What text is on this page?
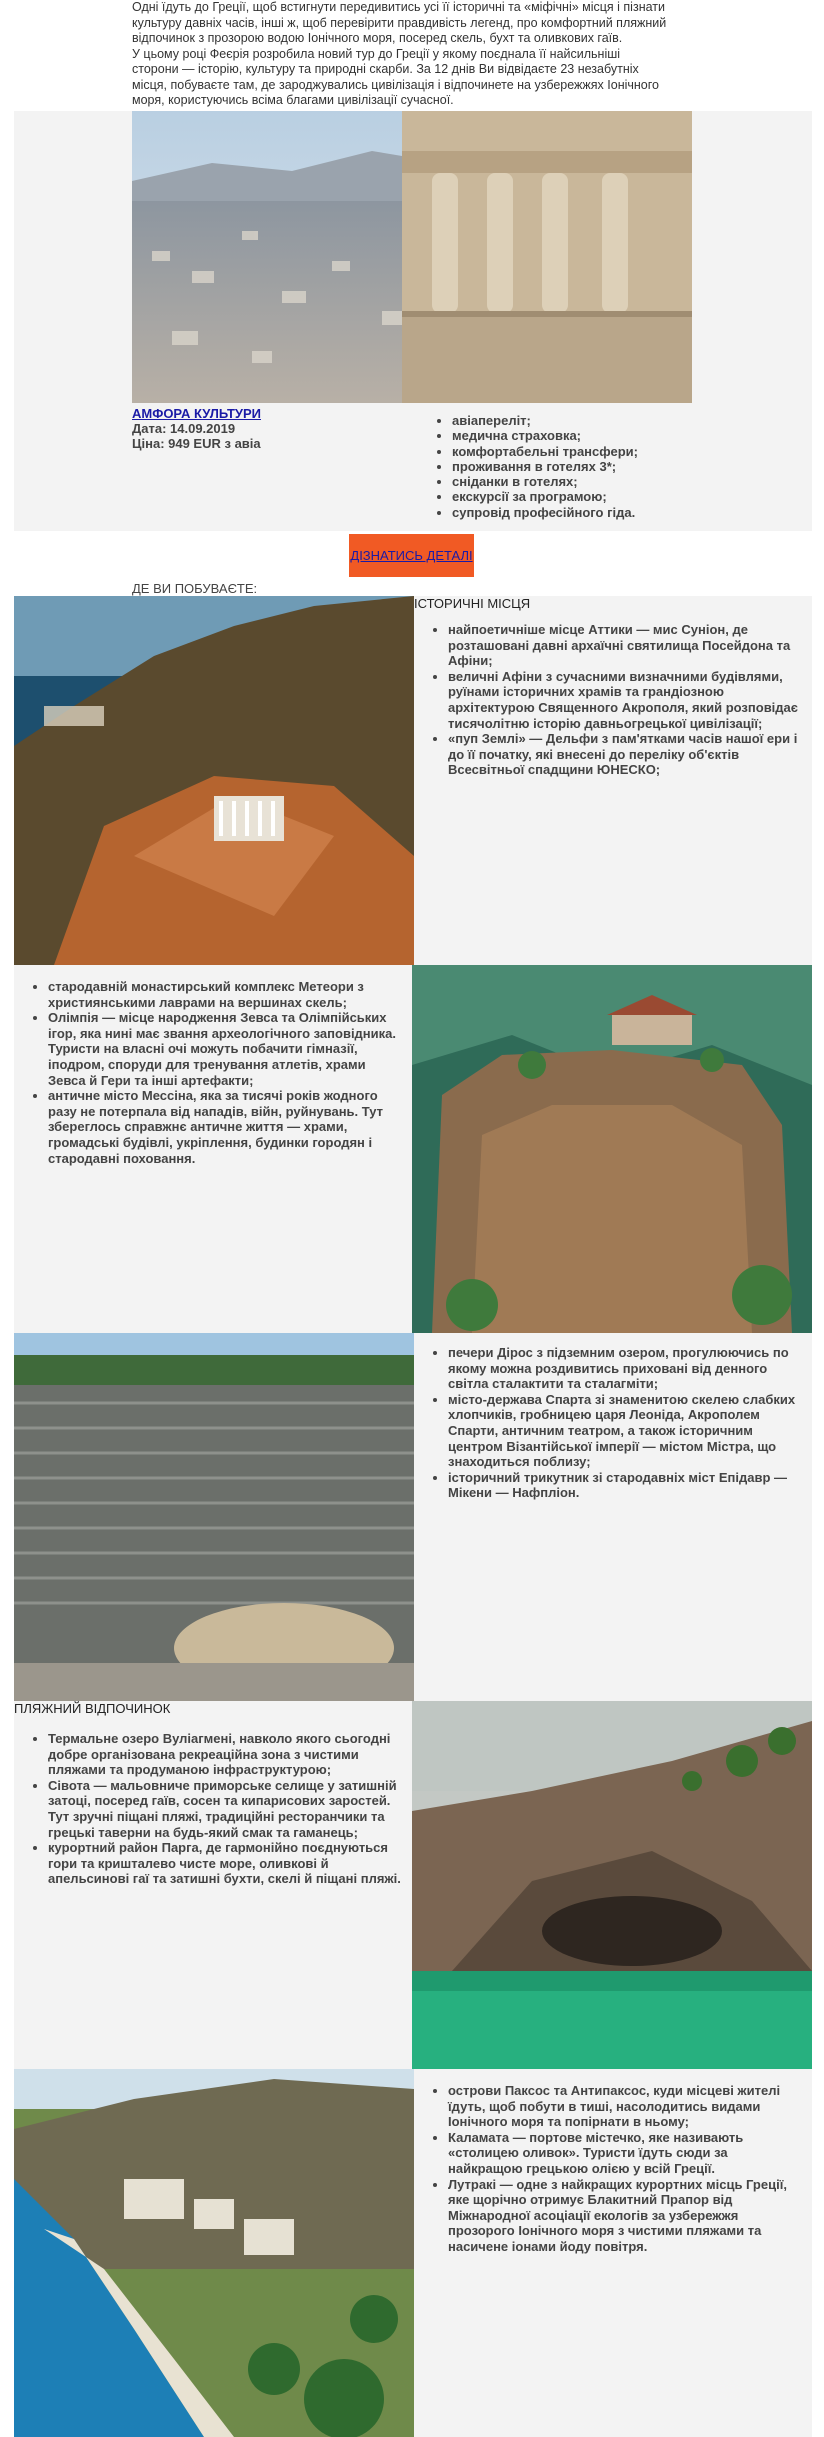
Одні їдуть до Греції, щоб встигнути передивитись усі її історичні та «міфічні» місця і пізнати

культуру давніх часів, інші ж, щоб перевірити правдивість легенд, про комфортний пляжний

відпочинок з прозорою водою Іонічного моря, посеред скель, бухт та оливкових гаїв.

У цьому році Феєрія розробила новий тур до Греції у якому поєднала її найсильніші

сторони — історію, культуру та природні скарби. За 12 днів Ви відвідаєте 23 незабутніх

місця, побуваєте там, де зароджувались цивілізація і відпочинете на узбережжях Іонічного

моря, користуючись всіма благами цивілізації сучасної.

АМФОРА КУЛЬТУРИ
Дата: 14.09.2019
Ціна: 949 EUR з авіа
• авіапереліт;
• медична страховка;
• комфортабельні трансфери;
• проживання в готелях 3*;
• сніданки в готелях;
• екскурсії за програмою;
• супровід професійного гіда.
ДІЗНАТИСЬ ДЕТАЛІ
ДЕ ВИ ПОБУВАЄТЕ:
ІСТОРИЧНІ МІСЦЯ
• найпоетичніше місце Аттики — мис Суніон, де розташовані давні архаїчні святилища Посейдона та Афіни;
• величні Афіни з сучасними визначними будівлями, руїнами історичних храмів та грандіозною архітектурою Священного Акрополя, який розповідає тисячолітню історію давньогрецької цивілізації;
• «пуп Землі» — Дельфи з пам'ятками часів нашої ери і до її початку, які внесені до переліку об'єктів Всесвітньої спадщини ЮНЕСКО;
• стародавній монастирський комплекс Метеори з християнськими лаврами на вершинах скель;
• Олімпія — місце народження Зевса та Олімпійських ігор, яка нині має звання археологічного заповідника. Туристи на власні очі можуть побачити гімназії, іподром, споруди для тренування атлетів, храми Зевса й Гери та інші артефакти;
• античне місто Мессіна, яка за тисячі років жодного разу не потерпала від нападів, війн, руйнувань. Тут збереглось справжнє античне життя — храми, громадські будівлі, укріплення, будинки городян і стародавні поховання.
• печери Дірос з підземним озером, прогулюючись по якому можна роздивитись приховані від денного світла сталактити та сталагміти;
• місто-держава Спарта зі знаменитою скелею слабких хлопчиків, гробницею царя Леоніда, Акрополем Спарти, античним театром, а також історичним центром Візантійської імперії — містом Містра, що знаходиться поблизу;
• історичний трикутник зі стародавніх міст Епідавр — Мікени — Нафпліон.
ПЛЯЖНИЙ ВІДПОЧИНОК
• Термальне озеро Вуліагмені, навколо якого сьогодні добре організована рекреаційна зона з чистими пляжами та продуманою інфраструктурою;
• Сівота — мальовниче приморське селище у затишній затоці, посеред гаїв, сосен та кипарисових заростей. Тут зручні піщані пляжі, традиційні ресторанчики та грецькі таверни на будь-який смак та гаманець;
• курортний район Парга, де гармонійно поєднуються гори та кришталево чисте море, оливкові й апельсинові гаї та затишні бухти, скелі й піщані пляжі.
• острови Паксос та Антипаксос, куди місцеві жителі їдуть, щоб побути в тиші, насолодитись видами Іонічного моря та попірнати в ньому;
• Каламата — портове містечко, яке називають «столицею оливок». Туристи їдуть сюди за найкращою грецькою олією у всій Греції.
• Лутракі — одне з найкращих курортних місць Греції, яке щорічно отримує Блакитний Прапор від Міжнародної асоціації екологів за узбережжя прозорого Іонічного моря з чистими пляжами та насичене іонами йоду повітря.
